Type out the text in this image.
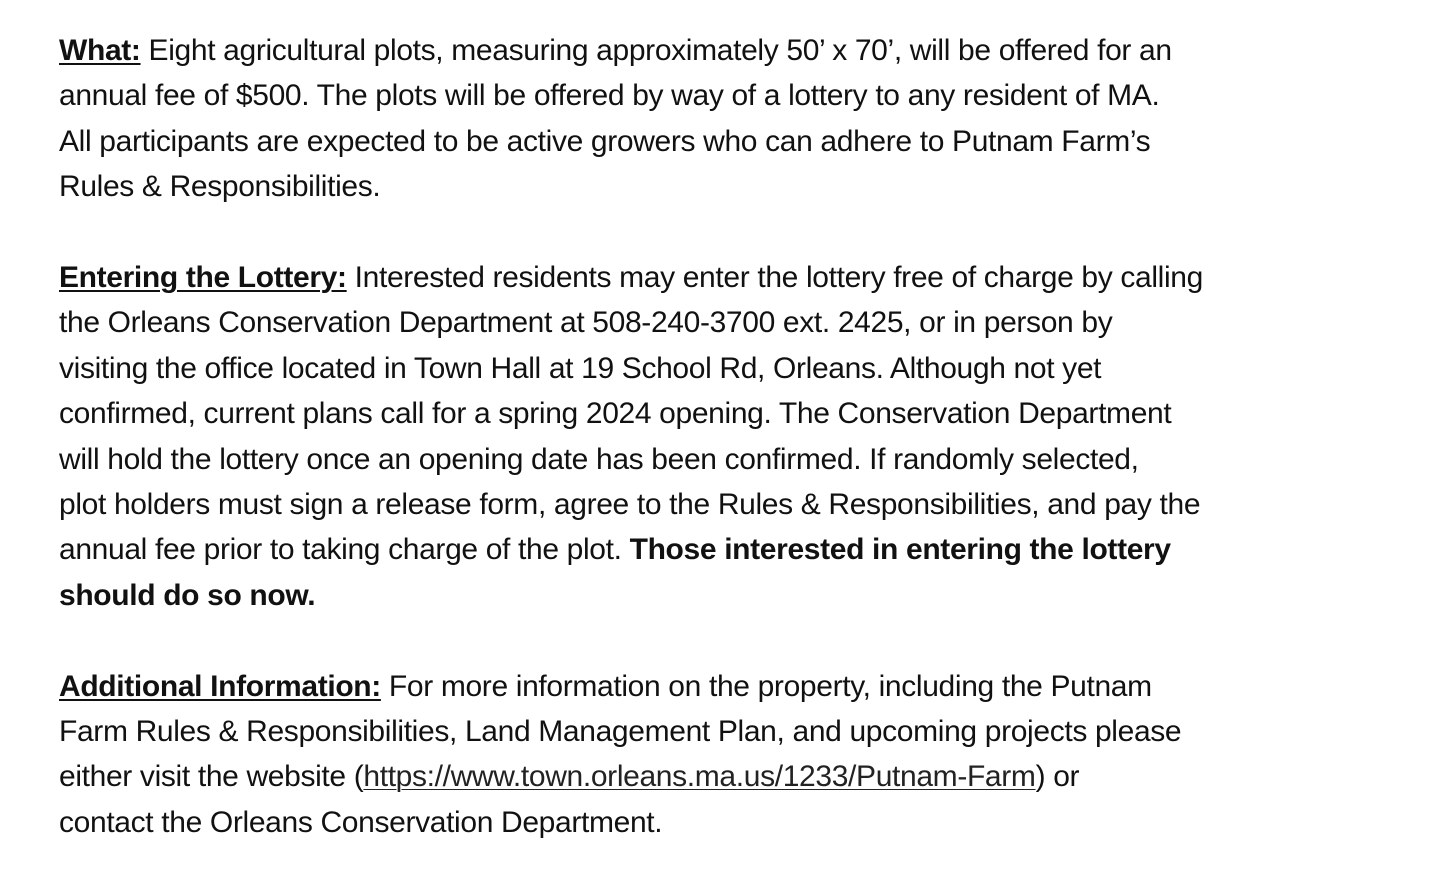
What: Eight agricultural plots, measuring approximately 50’ x 70’, will be offered for an
annual fee of $500. The plots will be offered by way of a lottery to any resident of MA.
All participants are expected to be active growers who can adhere to Putnam Farm’s
Rules & Responsibilities.
Entering the Lottery: Interested residents may enter the lottery free of charge by calling
the Orleans Conservation Department at 508-240-3700 ext. 2425, or in person by
visiting the office located in Town Hall at 19 School Rd, Orleans. Although not yet
confirmed, current plans call for a spring 2024 opening. The Conservation Department
will hold the lottery once an opening date has been confirmed. If randomly selected,
plot holders must sign a release form, agree to the Rules & Responsibilities, and pay the
annual fee prior to taking charge of the plot. Those interested in entering the lottery
should do so now.
Additional Information: For more information on the property, including the Putnam
Farm Rules & Responsibilities, Land Management Plan, and upcoming projects please
either visit the website (https://www.town.orleans.ma.us/1233/Putnam-Farm) or
contact the Orleans Conservation Department.
